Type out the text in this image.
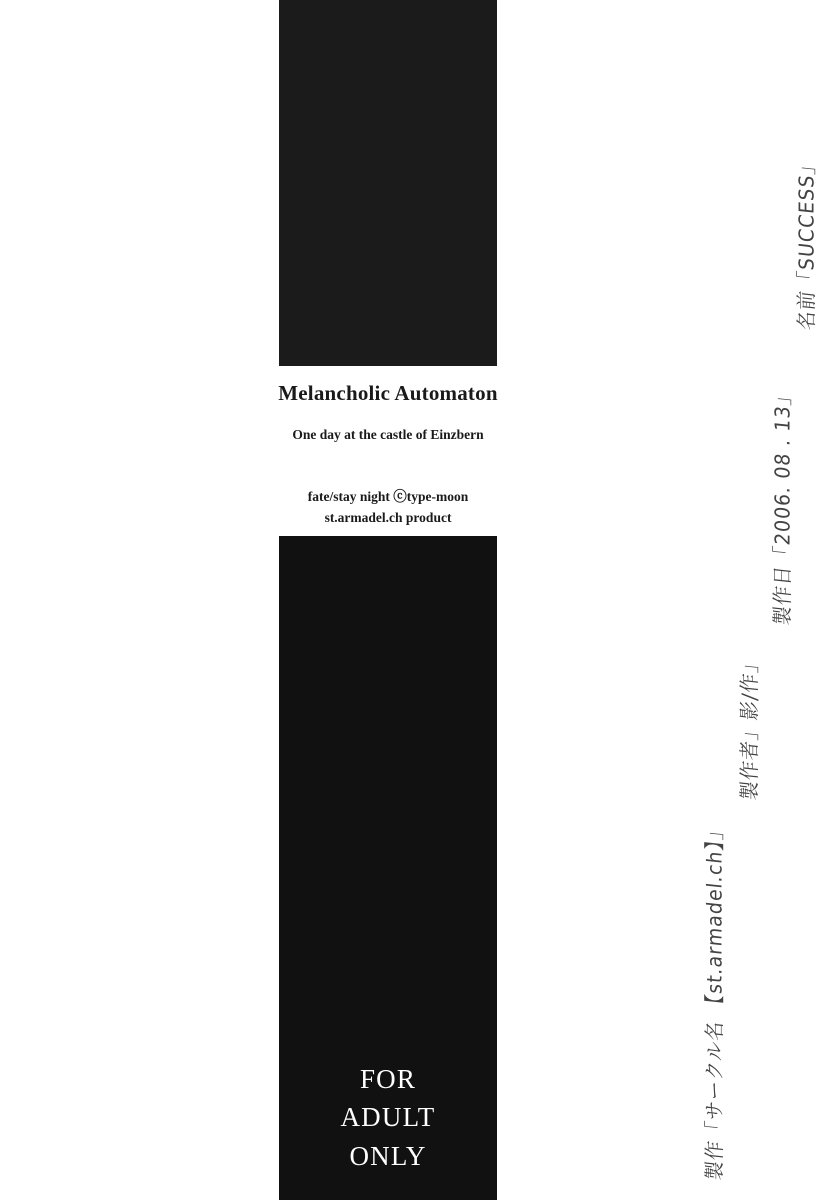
Melancholic Automaton
One day at the castle of Einzbern
fate/stay night ⓒtype-moon
st.armadel.ch product
FOR
ADULT
ONLY
名前「SUCCESS」
製作日「2006. 08 . 13」
製作者」影/作」
製作「サークル名 【st.armadel.ch】」
